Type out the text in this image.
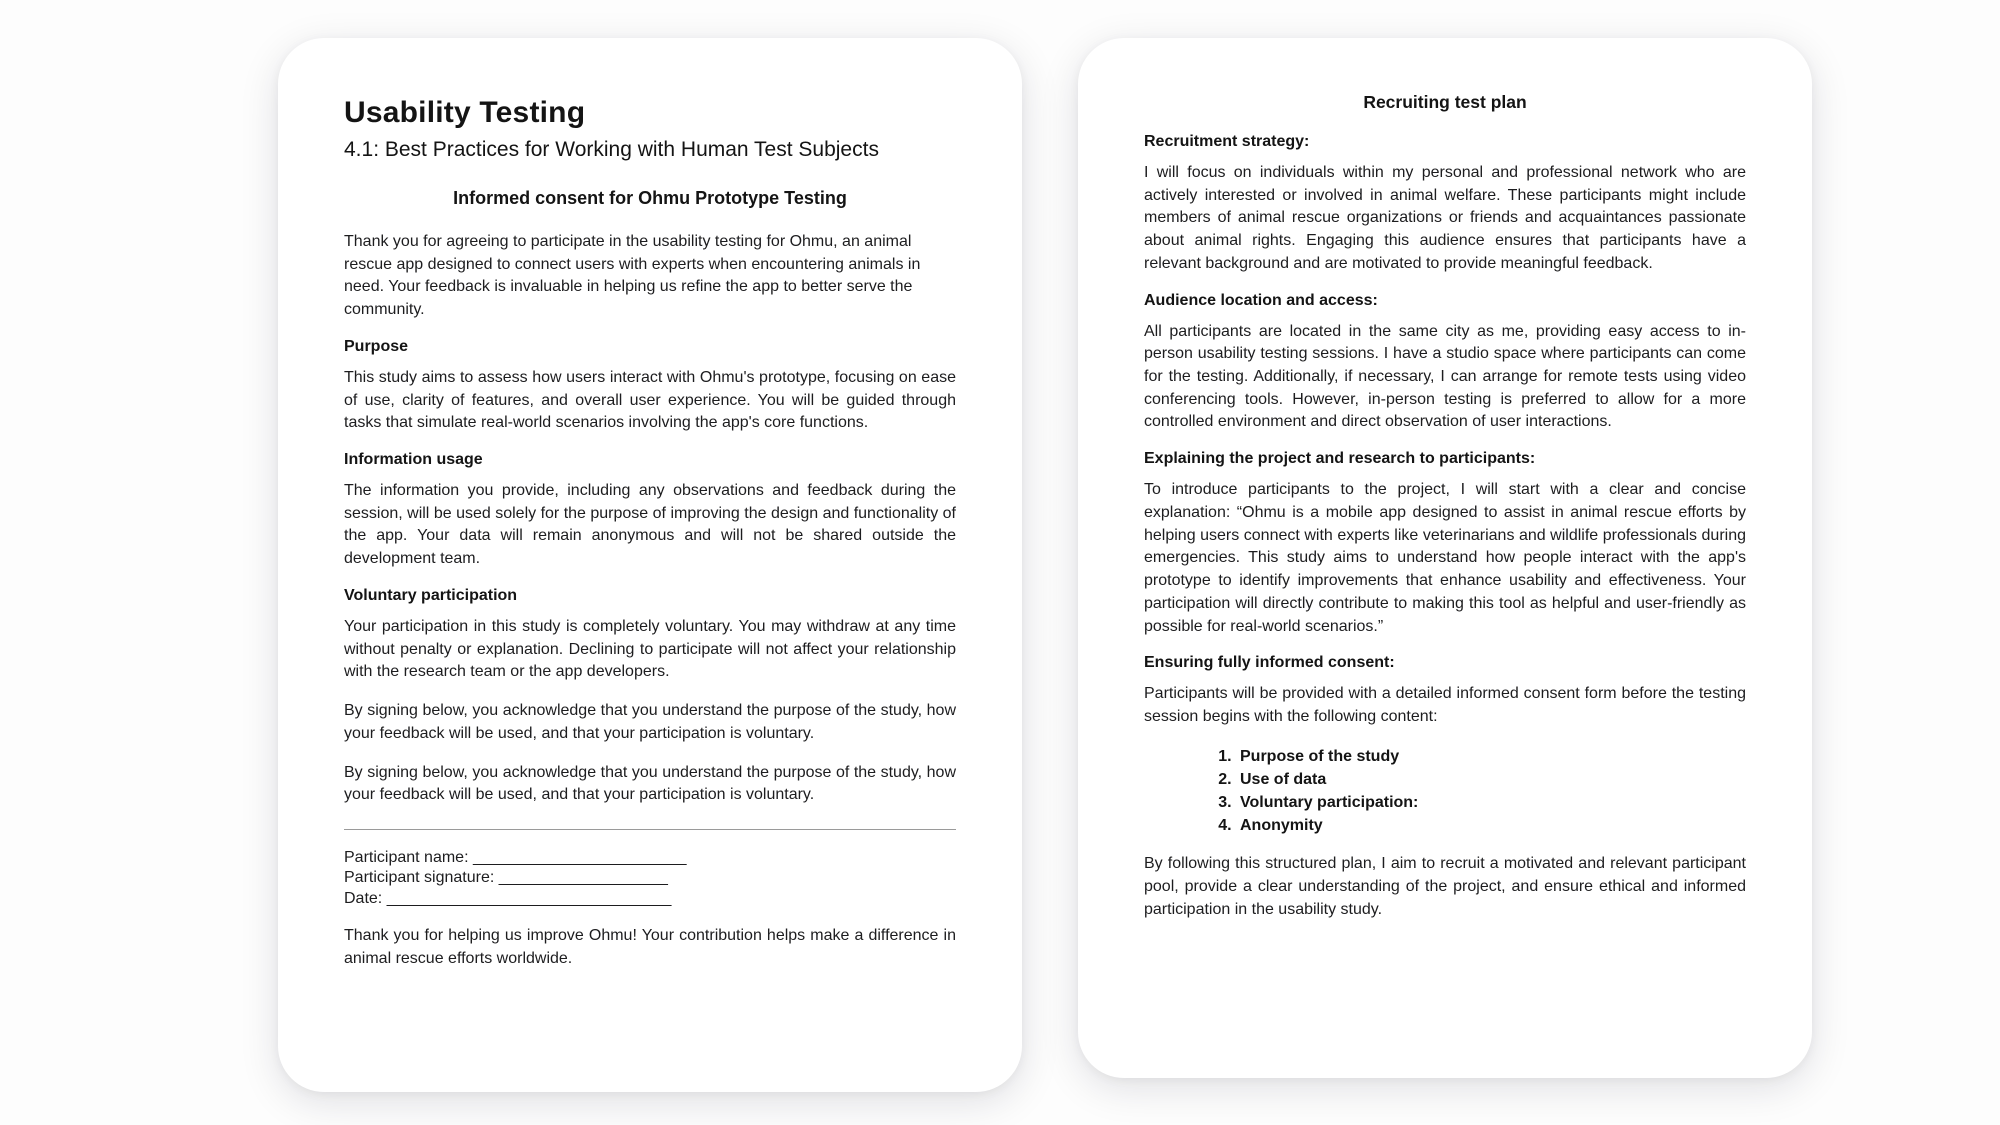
Usability Testing
4.1: Best Practices for Working with Human Test Subjects
Informed consent for Ohmu Prototype Testing

Thank you for agreeing to participate in the usability testing for Ohmu, an animal rescue app designed to connect users with experts when encountering animals in need. Your feedback is invaluable in helping us refine the app to better serve the community.

Purpose

This study aims to assess how users interact with Ohmu's prototype, focusing on ease of use, clarity of features, and overall user experience. You will be guided through tasks that simulate real-world scenarios involving the app's core functions.

Information usage

The information you provide, including any observations and feedback during the session, will be used solely for the purpose of improving the design and functionality of the app. Your data will remain anonymous and will not be shared outside the development team.

Voluntary participation

Your participation in this study is completely voluntary. You may withdraw at any time without penalty or explanation. Declining to participate will not affect your relationship with the research team or the app developers.

By signing below, you acknowledge that you understand the purpose of the study, how your feedback will be used, and that your participation is voluntary.

By signing below, you acknowledge that you understand the purpose of the study, how your feedback will be used, and that your participation is voluntary.

Participant name: ________________________

Participant signature: ___________________

Date: ________________________________

Thank you for helping us improve Ohmu! Your contribution helps make a difference in animal rescue efforts worldwide.

Recruiting test plan
Recruitment strategy:

I will focus on individuals within my personal and professional network who are actively interested or involved in animal welfare. These participants might include members of animal rescue organizations or friends and acquaintances passionate about animal rights. Engaging this audience ensures that participants have a relevant background and are motivated to provide meaningful feedback.

Audience location and access:

All participants are located in the same city as me, providing easy access to in-person usability testing sessions. I have a studio space where participants can come for the testing. Additionally, if necessary, I can arrange for remote tests using video conferencing tools. However, in-person testing is preferred to allow for a more controlled environment and direct observation of user interactions.

Explaining the project and research to participants:

To introduce participants to the project, I will start with a clear and concise explanation: “Ohmu is a mobile app designed to assist in animal rescue efforts by helping users connect with experts like veterinarians and wildlife professionals during emergencies. This study aims to understand how people interact with the app's prototype to identify improvements that enhance usability and effectiveness. Your participation will directly contribute to making this tool as helpful and user-friendly as possible for real-world scenarios.”

Ensuring fully informed consent:

Participants will be provided with a detailed informed consent form before the testing session begins with the following content:

1. Purpose of the study
2. Use of data
3. Voluntary participation:
4. Anonymity

By following this structured plan, I aim to recruit a motivated and relevant participant pool, provide a clear understanding of the project, and ensure ethical and informed participation in the usability study.
